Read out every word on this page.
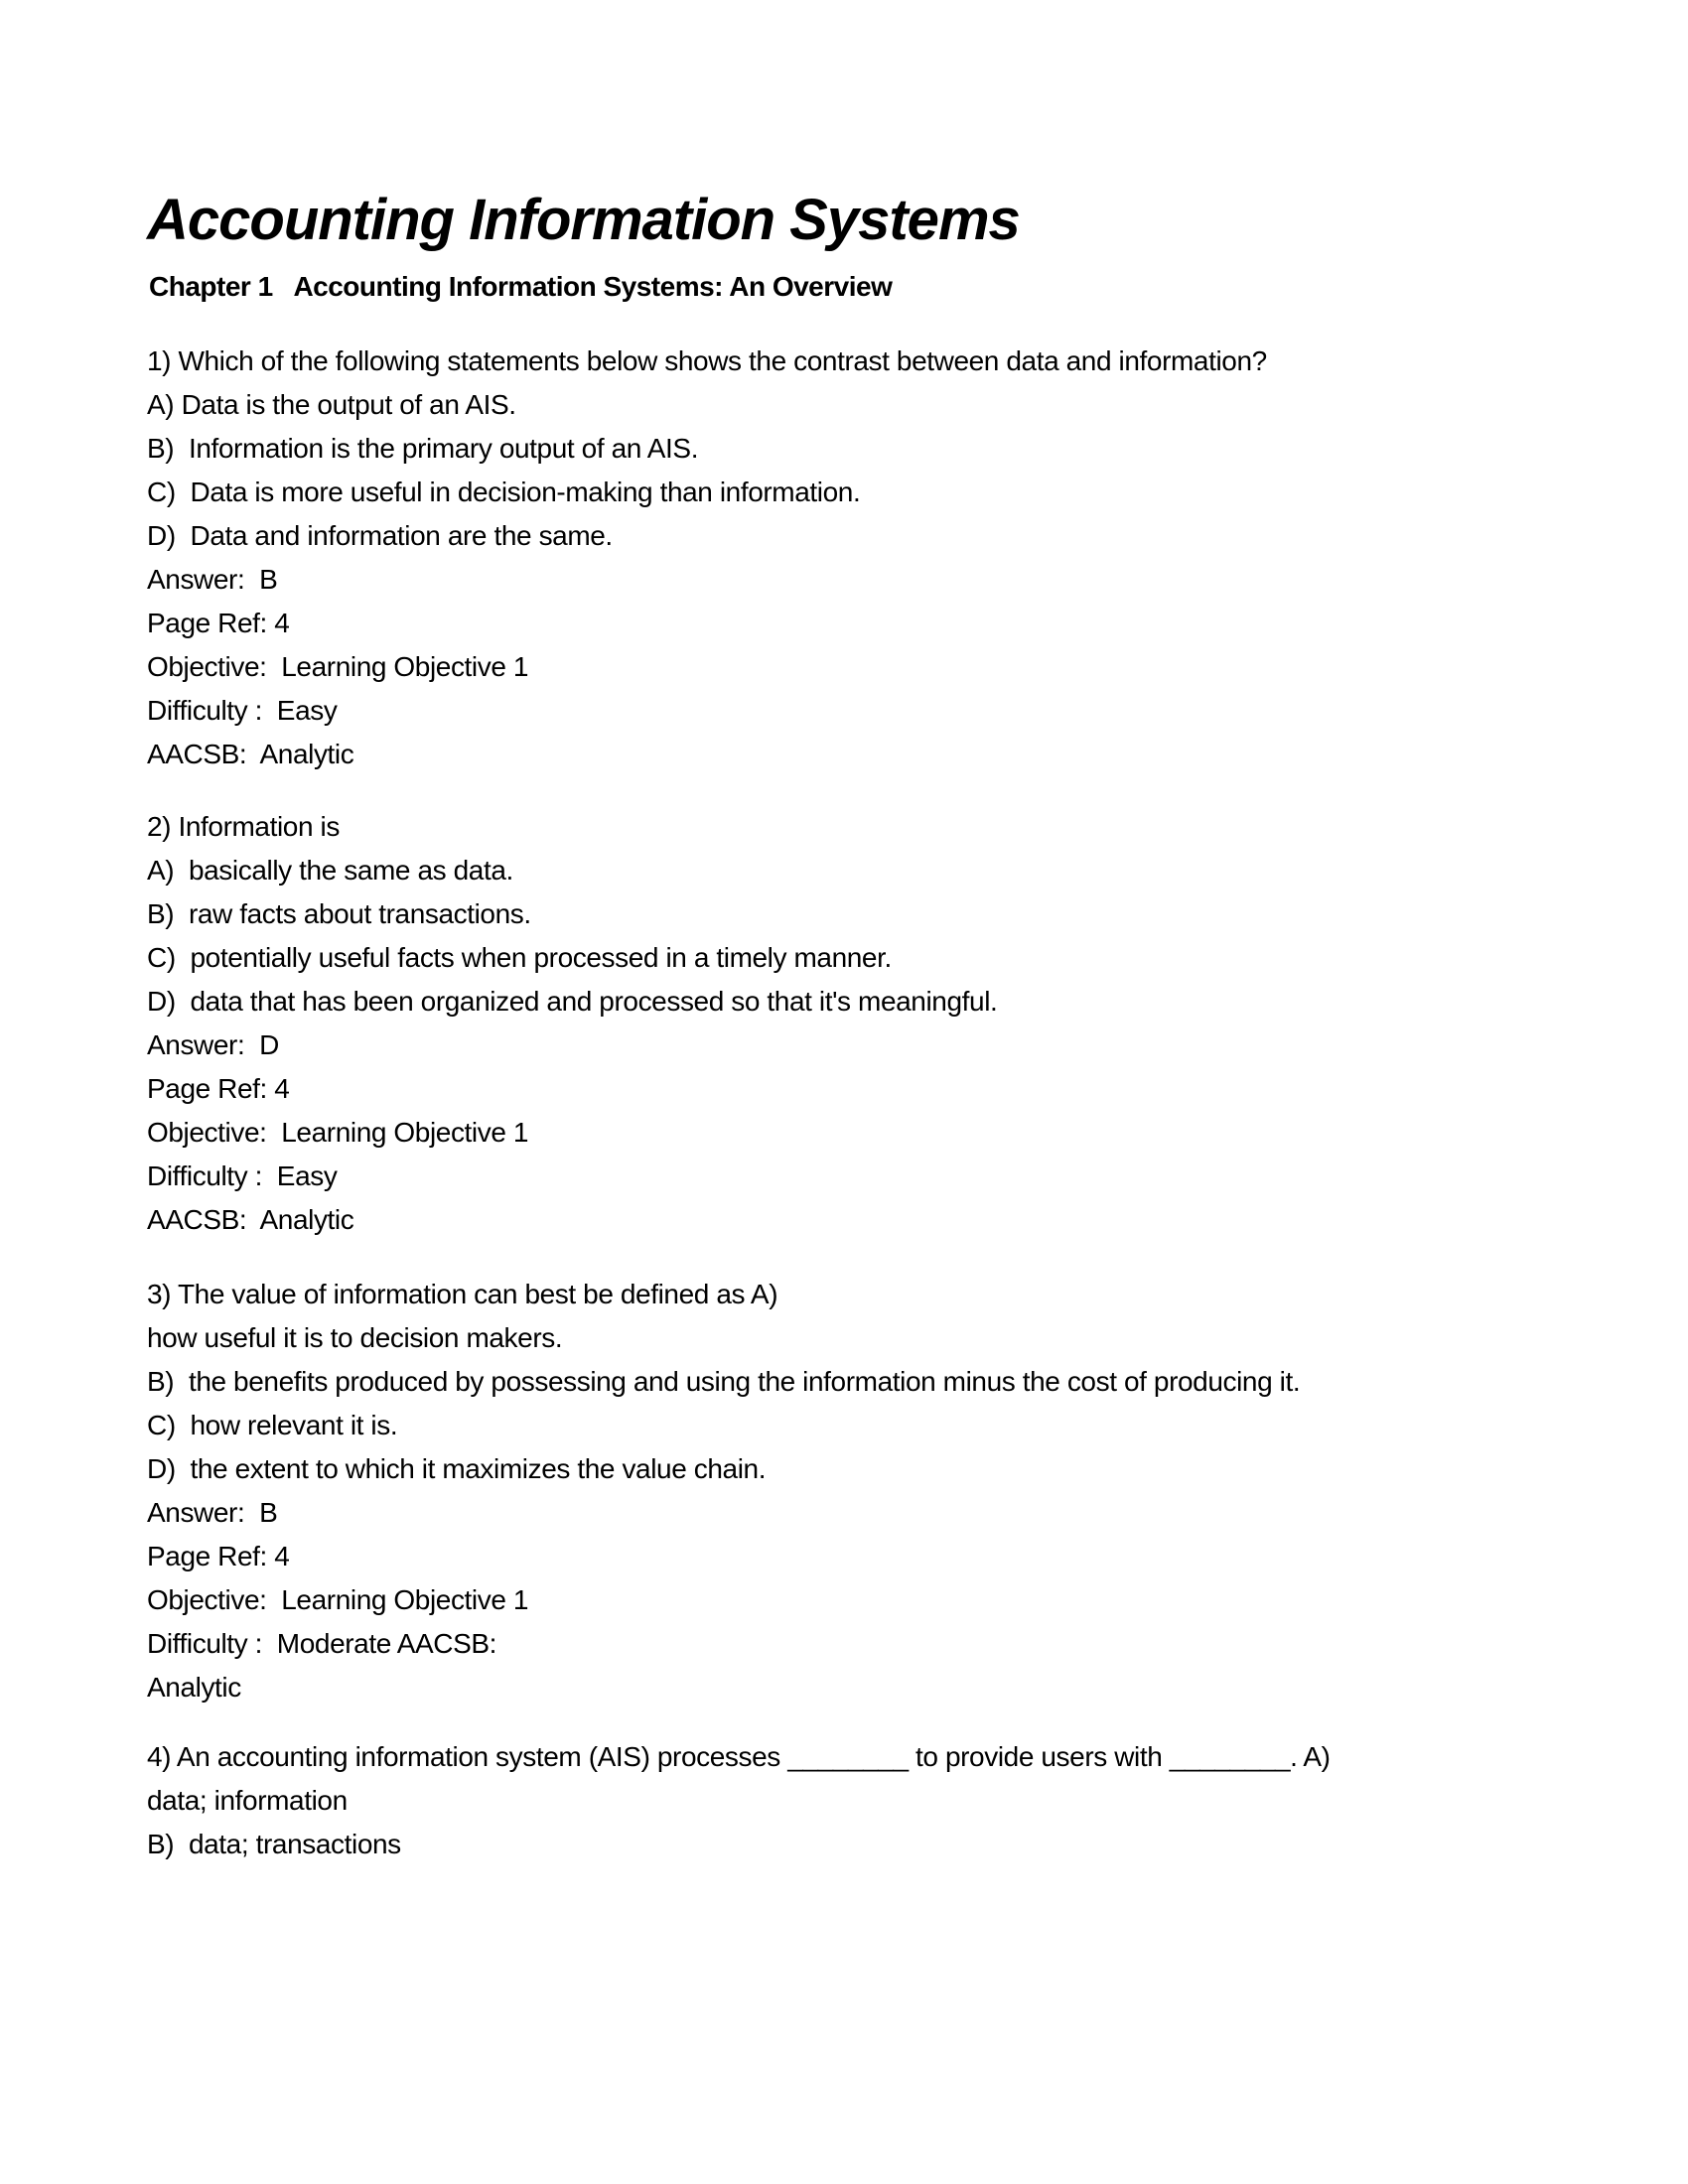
Accounting Information Systems
Chapter 1   Accounting Information Systems: An Overview
1) Which of the following statements below shows the contrast between data and information?
A) Data is the output of an AIS.
B)  Information is the primary output of an AIS.
C)  Data is more useful in decision-making than information.
D)  Data and information are the same.
Answer:  B
Page Ref: 4
Objective:  Learning Objective 1
Difficulty :  Easy
AACSB:  Analytic
2) Information is
A)  basically the same as data.
B)  raw facts about transactions.
C)  potentially useful facts when processed in a timely manner.
D)  data that has been organized and processed so that it's meaningful.
Answer:  D
Page Ref: 4
Objective:  Learning Objective 1
Difficulty :  Easy
AACSB:  Analytic
3) The value of information can best be defined as A)
how useful it is to decision makers.
B)  the benefits produced by possessing and using the information minus the cost of producing it.
C)  how relevant it is.
D)  the extent to which it maximizes the value chain.
Answer:  B
Page Ref: 4
Objective:  Learning Objective 1
Difficulty :  Moderate AACSB:
Analytic
4) An accounting information system (AIS) processes ________ to provide users with ________. A)
data; information
B)  data; transactions
